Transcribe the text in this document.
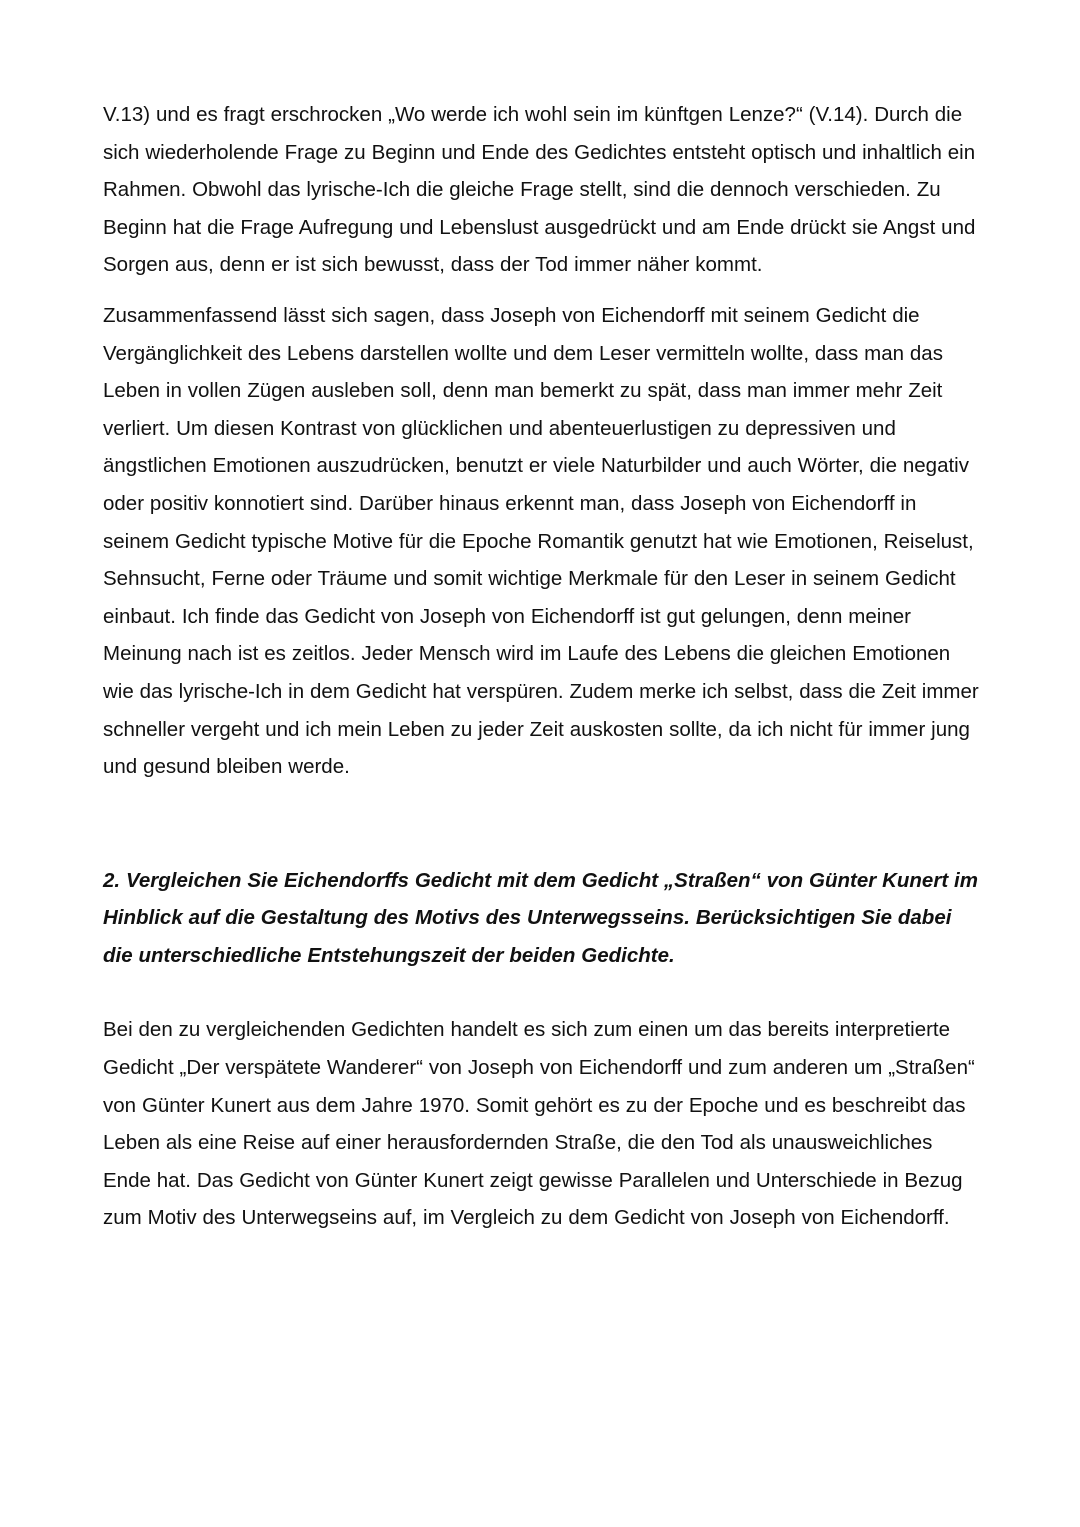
V.13) und es fragt erschrocken „Wo werde ich wohl sein im künftgen Lenze?“ (V.14). Durch die sich wiederholende Frage zu Beginn und Ende des Gedichtes entsteht optisch und inhaltlich ein Rahmen. Obwohl das lyrische-Ich die gleiche Frage stellt, sind die dennoch verschieden. Zu Beginn hat die Frage Aufregung und Lebenslust ausgedrückt und am Ende drückt sie Angst und Sorgen aus, denn er ist sich bewusst, dass der Tod immer näher kommt.

Zusammenfassend lässt sich sagen, dass Joseph von Eichendorff mit seinem Gedicht die Vergänglichkeit des Lebens darstellen wollte und dem Leser vermitteln wollte, dass man das Leben in vollen Zügen ausleben soll, denn man bemerkt zu spät, dass man immer mehr Zeit verliert. Um diesen Kontrast von glücklichen und abenteuerlustigen zu depressiven und ängstlichen Emotionen auszudrücken, benutzt er viele Naturbilder und auch Wörter, die negativ oder positiv konnotiert sind. Darüber hinaus erkennt man, dass Joseph von Eichendorff in seinem Gedicht typische Motive für die Epoche Romantik genutzt hat wie Emotionen, Reiselust, Sehnsucht, Ferne oder Träume und somit wichtige Merkmale für den Leser in seinem Gedicht einbaut. Ich finde das Gedicht von Joseph von Eichendorff ist gut gelungen, denn meiner Meinung nach ist es zeitlos. Jeder Mensch wird im Laufe des Lebens die gleichen Emotionen wie das lyrische-Ich in dem Gedicht hat verspüren. Zudem merke ich selbst, dass die Zeit immer schneller vergeht und ich mein Leben zu jeder Zeit auskosten sollte, da ich nicht für immer jung und gesund bleiben werde.

2. Vergleichen Sie Eichendorffs Gedicht mit dem Gedicht „Straßen“ von Günter Kunert im Hinblick auf die Gestaltung des Motivs des Unterwegsseins. Berücksichtigen Sie dabei die unterschiedliche Entstehungszeit der beiden Gedichte.

Bei den zu vergleichenden Gedichten handelt es sich zum einen um das bereits interpretierte Gedicht „Der verspätete Wanderer“ von Joseph von Eichendorff und zum anderen um „Straßen“ von Günter Kunert aus dem Jahre 1970. Somit gehört es zu der Epoche und es beschreibt das Leben als eine Reise auf einer herausfordernden Straße, die den Tod als unausweichliches Ende hat. Das Gedicht von Günter Kunert zeigt gewisse Parallelen und Unterschiede in Bezug zum Motiv des Unterwegseins auf, im Vergleich zu dem Gedicht von Joseph von Eichendorff.
